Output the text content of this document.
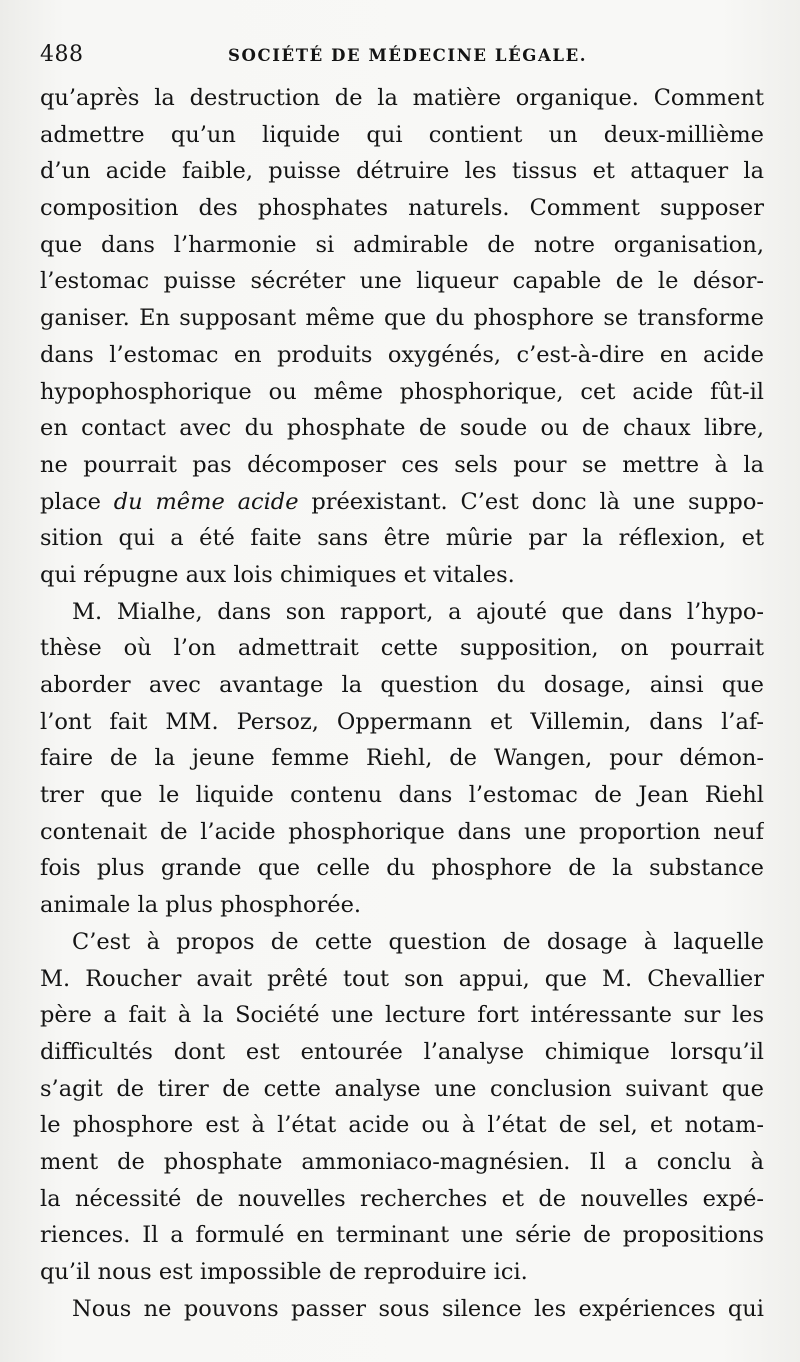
488	SOCIÉTÉ DE MÉDECINE LÉGALE.
qu’après la destruction de la matière organique. Comment
admettre qu’un liquide qui contient un deux-millième
d’un acide faible, puisse détruire les tissus et attaquer la
composition des phosphates naturels. Comment supposer
que dans l’harmonie si admirable de notre organisation,
l’estomac puisse sécréter une liqueur capable de le désor-
ganiser. En supposant même que du phosphore se transforme
dans l’estomac en produits oxygénés, c’est-à-dire en acide
hypophosphorique ou même phosphorique, cet acide fût-il
en contact avec du phosphate de soude ou de chaux libre,
ne pourrait pas décomposer ces sels pour se mettre à la
place du même acide préexistant. C’est donc là une suppo-
sition qui a été faite sans être mûrie par la réflexion, et
qui répugne aux lois chimiques et vitales.
M. Mialhe, dans son rapport, a ajouté que dans l’hypo-
thèse où l’on admettrait cette supposition, on pourrait
aborder avec avantage la question du dosage, ainsi que
l’ont fait MM. Persoz, Oppermann et Villemin, dans l’af-
faire de la jeune femme Riehl, de Wangen, pour démon-
trer que le liquide contenu dans l’estomac de Jean Riehl
contenait de l’acide phosphorique dans une proportion neuf
fois plus grande que celle du phosphore de la substance
animale la plus phosphorée.
C’est à propos de cette question de dosage à laquelle
M. Roucher avait prêté tout son appui, que M. Chevallier
père a fait à la Société une lecture fort intéressante sur les
difficultés dont est entourée l’analyse chimique lorsqu’il
s’agit de tirer de cette analyse une conclusion suivant que
le phosphore est à l’état acide ou à l’état de sel, et notam-
ment de phosphate ammoniaco-magnésien. Il a conclu à
la nécessité de nouvelles recherches et de nouvelles expé-
riences. Il a formulé en terminant une série de propositions
qu’il nous est impossible de reproduire ici.
Nous ne pouvons passer sous silence les expériences qui
